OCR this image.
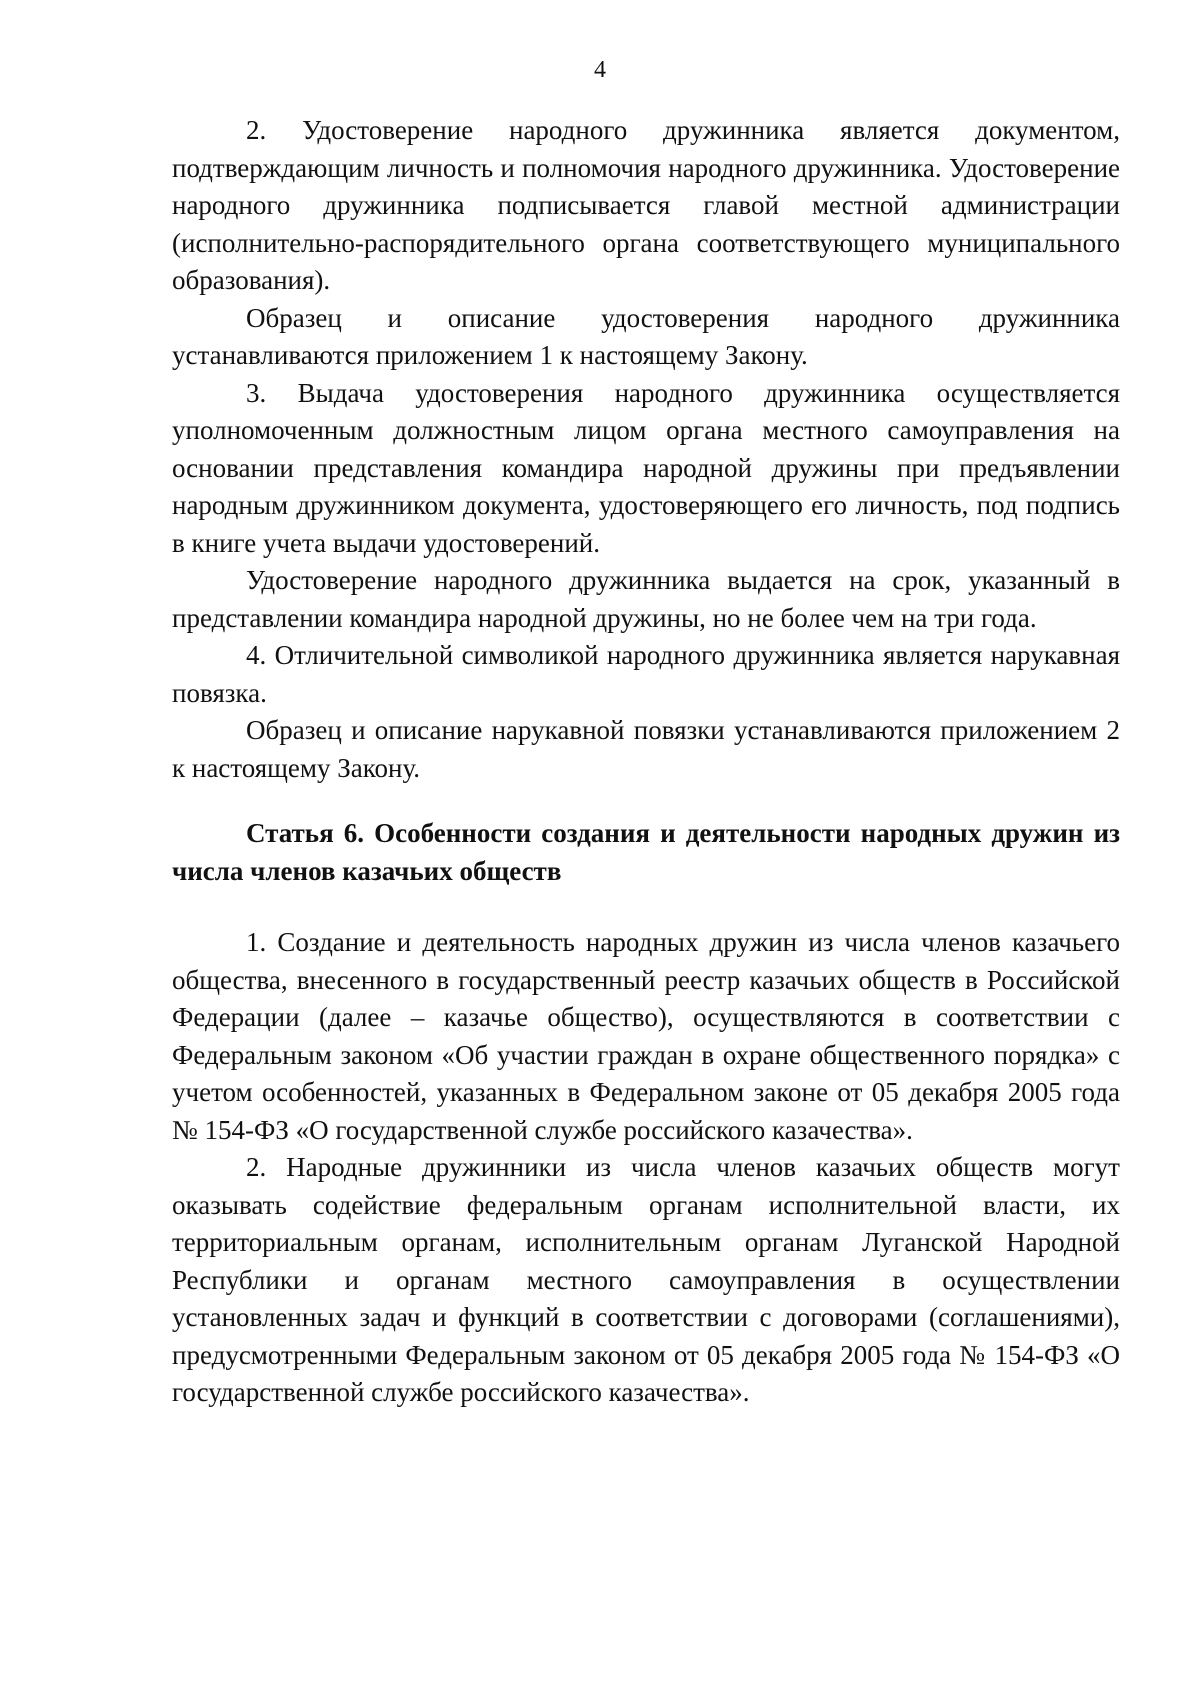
4

2. Удостоверение народного дружинника является документом, подтверждающим личность и полномочия народного дружинника. Удостоверение народного дружинника подписывается главой местной администрации (исполнительно-распорядительного органа соответствующего муниципального образования).

Образец и описание удостоверения народного дружинника устанавливаются приложением 1 к настоящему Закону.

3. Выдача удостоверения народного дружинника осуществляется уполномоченным должностным лицом органа местного самоуправления на основании представления командира народной дружины при предъявлении народным дружинником документа, удостоверяющего его личность, под подпись в книге учета выдачи удостоверений.

Удостоверение народного дружинника выдается на срок, указанный в представлении командира народной дружины, но не более чем на три года.

4. Отличительной символикой народного дружинника является нарукавная повязка.

Образец и описание нарукавной повязки устанавливаются приложением 2 к настоящему Закону.

Статья 6. Особенности создания и деятельности народных дружин из числа членов казачьих обществ

1. Создание и деятельность народных дружин из числа членов казачьего общества, внесенного в государственный реестр казачьих обществ в Российской Федерации (далее – казачье общество), осуществляются в соответствии с Федеральным законом «Об участии граждан в охране общественного порядка» с учетом особенностей, указанных в Федеральном законе от 05 декабря 2005 года № 154-ФЗ «О государственной службе российского казачества».

2. Народные дружинники из числа членов казачьих обществ могут оказывать содействие федеральным органам исполнительной власти, их территориальным органам, исполнительным органам Луганской Народной Республики и органам местного самоуправления в осуществлении установленных задач и функций в соответствии с договорами (соглашениями), предусмотренными Федеральным законом от 05 декабря 2005 года № 154-ФЗ «О государственной службе российского казачества».
